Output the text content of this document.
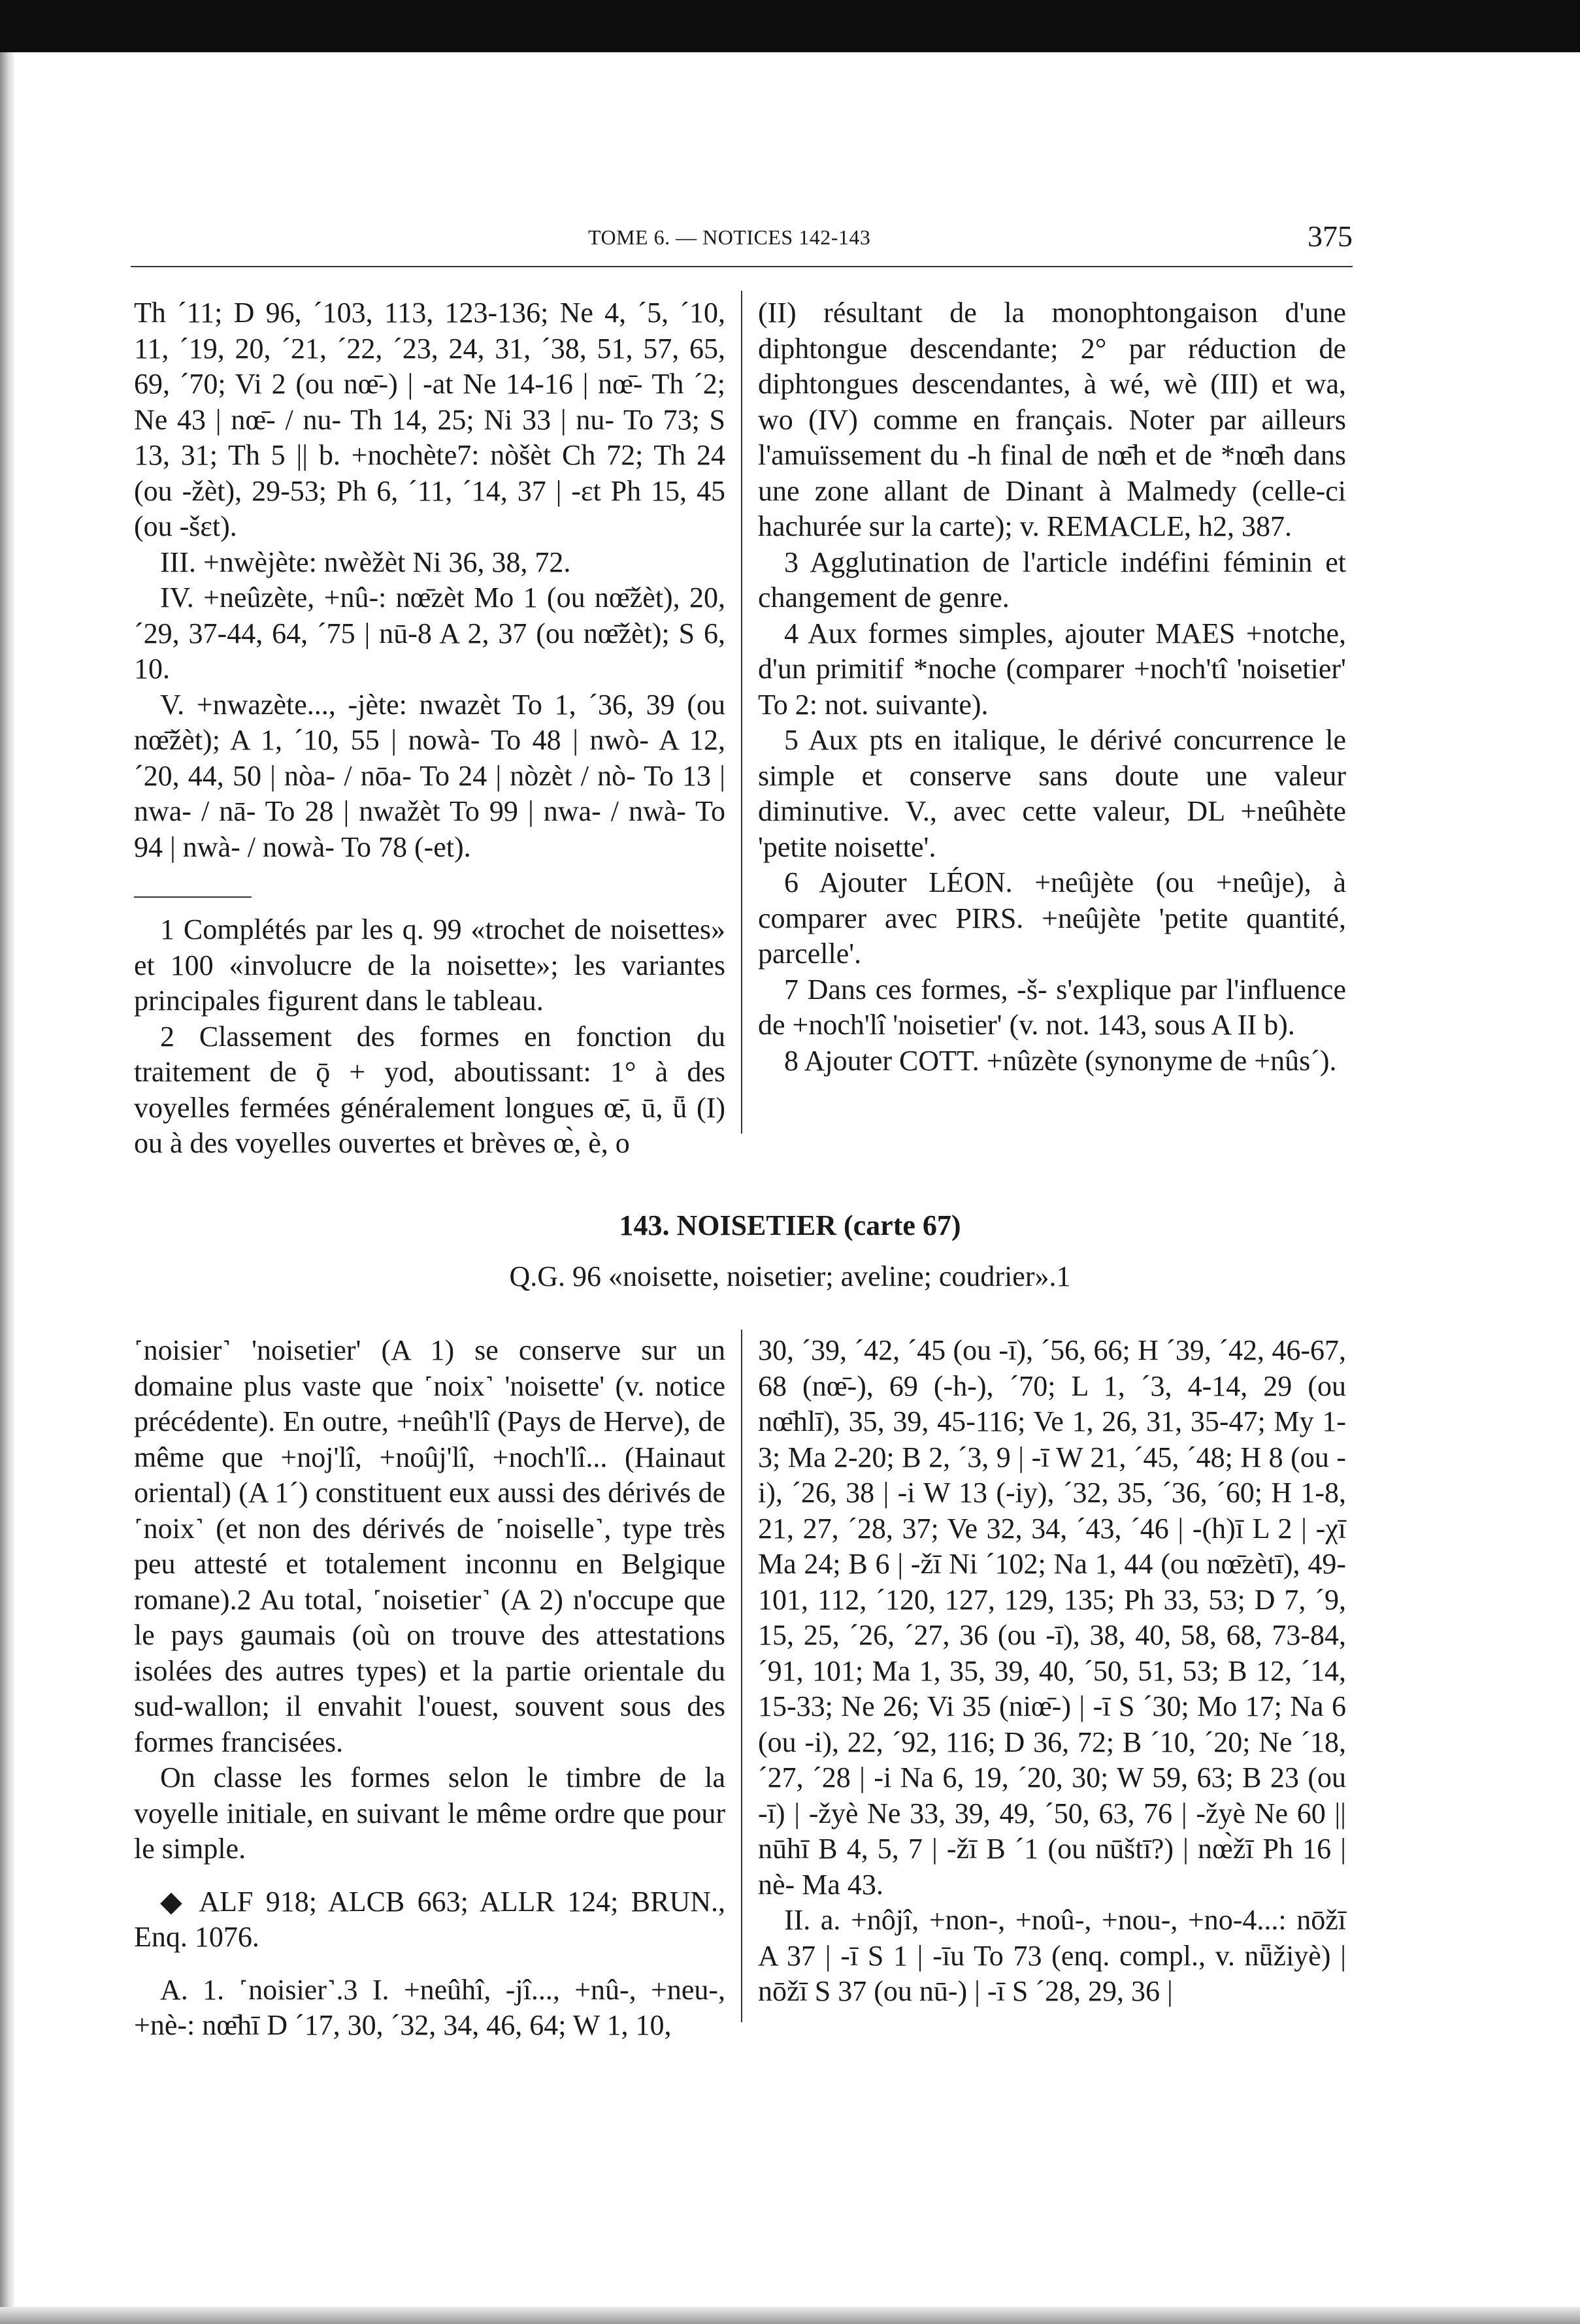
TOME 6. — NOTICES 142-143	375

Th ´11; D 96, ´103, 113, 123-136; Ne 4, ´5, ´10, 11, ´19, 20, ´21, ´22, ´23, 24, 31, ´38, 51, 57, 65, 69, ´70; Vi 2 (ou nœ̄-) | -at Ne 14-16 | nœ̄- Th ´2; Ne 43 | nœ̄- / nu- Th 14, 25; Ni 33 | nu- To 73; S 13, 31; Th 5 || b. +nochète7: nòšèt Ch 72; Th 24 (ou -žèt), 29-53; Ph 6, ´11, ´14, 37 | -ɛt Ph 15, 45 (ou -šɛt).

III. +nwèjète: nwèžèt Ni 36, 38, 72.

IV. +neûzète, +nû-: nœ̄zèt Mo 1 (ou nœ̄žèt), 20, ´29, 37-44, 64, ´75 | nū-8 A 2, 37 (ou nœ̄žèt); S 6, 10.

V. +nwazète..., -jète: nwazèt To 1, ´36, 39 (ou nœ̄žèt); A 1, ´10, 55 | nowà- To 48 | nwò- A 12, ´20, 44, 50 | nòa- / nōa- To 24 | nòzèt / nò- To 13 | nwa- / nā- To 28 | nwažèt To 99 | nwa- / nwà- To 94 | nwà- / nowà- To 78 (-et).

1 Complétés par les q. 99 «trochet de noisettes» et 100 «involucre de la noisette»; les variantes principales figurent dans le tableau.

2 Classement des formes en fonction du traitement de ǭ + yod, aboutissant: 1° à des voyelles fermées généralement longues œ̄, ū, ǖ (I) ou à des voyelles ouvertes et brèves œ̀, è, o

(II) résultant de la monophtongaison d'une diphtongue descendante; 2° par réduction de diphtongues descendantes, à wé, wè (III) et wa, wo (IV) comme en français. Noter par ailleurs l'amuïssement du -h final de nœ̄h et de *nœ̄h dans une zone allant de Dinant à Malmedy (celle-ci hachurée sur la carte); v. REMACLE, h2, 387.

3 Agglutination de l'article indéfini féminin et changement de genre.

4 Aux formes simples, ajouter MAES +notche, d'un primitif *noche (comparer +noch'tî 'noisetier' To 2: not. suivante).

5 Aux pts en italique, le dérivé concurrence le simple et conserve sans doute une valeur diminutive. V., avec cette valeur, DL +neûhète 'petite noisette'.

6 Ajouter LÉON. +neûjète (ou +neûje), à comparer avec PIRS. +neûjète 'petite quantité, parcelle'.

7 Dans ces formes, -š- s'explique par l'influence de +noch'lî 'noisetier' (v. not. 143, sous A II b).

8 Ajouter COTT. +nûzète (synonyme de +nûs´).

143. NOISETIER (carte 67)
Q.G. 96 «noisette, noisetier; aveline; coudrier».1

˹noisier˺ 'noisetier' (A 1) se conserve sur un domaine plus vaste que ˹noix˺ 'noisette' (v. notice précédente). En outre, +neûh'lî (Pays de Herve), de même que +noj'lî, +noûj'lî, +noch'lî... (Hainaut oriental) (A 1´) constituent eux aussi des dérivés de ˹noix˺ (et non des dérivés de ˹noiselle˺, type très peu attesté et totalement inconnu en Belgique romane).2 Au total, ˹noisetier˺ (A 2) n'occupe que le pays gaumais (où on trouve des attestations isolées des autres types) et la partie orientale du sud-wallon; il envahit l'ouest, souvent sous des formes francisées.

On classe les formes selon le timbre de la voyelle initiale, en suivant le même ordre que pour le simple.

◆ ALF 918; ALCB 663; ALLR 124; BRUN., Enq. 1076.

A. 1. ˹noisier˺.3 I. +neûhî, -jî..., +nû-, +neu-, +nè-: nœ̄hī D ´17, 30, ´32, 34, 46, 64; W 1, 10,

30, ´39, ´42, ´45 (ou -ī), ´56, 66; H ´39, ´42, 46-67, 68 (nœ̄-), 69 (-h-), ´70; L 1, ´3, 4-14, 29 (ou nœ̄hlī), 35, 39, 45-116; Ve 1, 26, 31, 35-47; My 1-3; Ma 2-20; B 2, ´3, 9 | -ī W 21, ´45, ´48; H 8 (ou -i), ´26, 38 | -i W 13 (-iy), ´32, 35, ´36, ´60; H 1-8, 21, 27, ´28, 37; Ve 32, 34, ´43, ´46 | -(h)ī L 2 | -χī Ma 24; B 6 | -žī Ni ´102; Na 1, 44 (ou nœ̄zètī), 49-101, 112, ´120, 127, 129, 135; Ph 33, 53; D 7, ´9, 15, 25, ´26, ´27, 36 (ou -ī), 38, 40, 58, 68, 73-84, ´91, 101; Ma 1, 35, 39, 40, ´50, 51, 53; B 12, ´14, 15-33; Ne 26; Vi 35 (niœ̄-) | -ī S ´30; Mo 17; Na 6 (ou -i), 22, ´92, 116; D 36, 72; B ´10, ´20; Ne ´18, ´27, ´28 | -i Na 6, 19, ´20, 30; W 59, 63; B 23 (ou -ī) | -žyè Ne 33, 39, 49, ´50, 63, 76 | -žyè Ne 60 || nūhī B 4, 5, 7 | -žī B ´1 (ou nūštī?) | nœ̀žī Ph 16 | nè- Ma 43.

II. a. +nôjî, +non-, +noû-, +nou-, +no-4...: nōžī A 37 | -ī S 1 | -īu To 73 (enq. compl., v. nǖžiyè) | nōžī S 37 (ou nū-) | -ī S ´28, 29, 36 |
